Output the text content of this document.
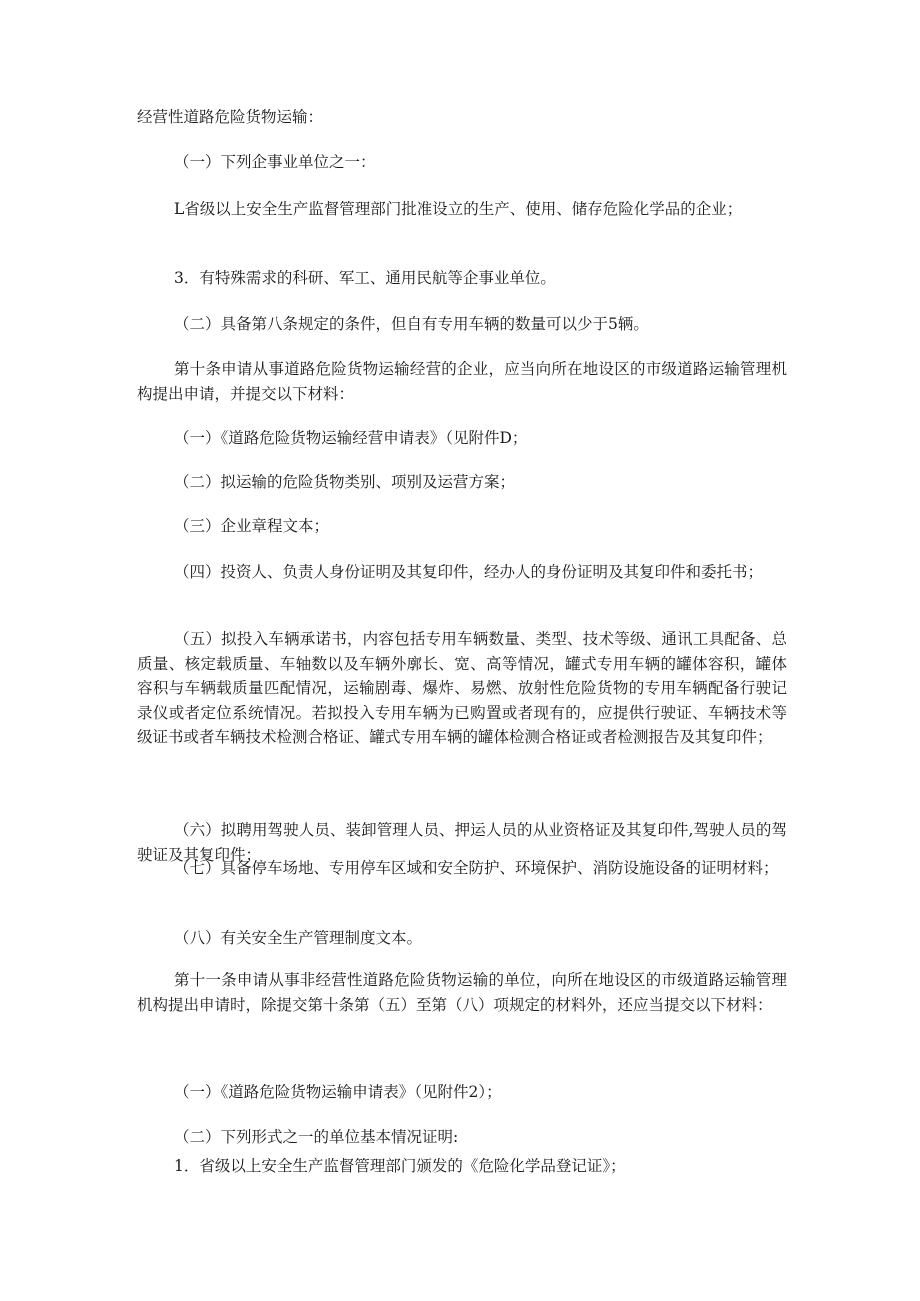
经营性道路危险货物运输：

（一）下列企事业单位之一：

L省级以上安全生产监督管理部门批准设立的生产、使用、储存危险化学品的企业；

3．有特殊需求的科研、军工、通用民航等企事业单位。

（二）具备第八条规定的条件，但自有专用车辆的数量可以少于5辆。

第十条申请从事道路危险货物运输经营的企业，应当向所在地设区的市级道路运输管理机构提出申请，并提交以下材料：

（一）《道路危险货物运输经营申请表》（见附件D；

（二）拟运输的危险货物类别、项别及运营方案；

（三）企业章程文本；

（四）投资人、负责人身份证明及其复印件，经办人的身份证明及其复印件和委托书；

（五）拟投入车辆承诺书，内容包括专用车辆数量、类型、技术等级、通讯工具配备、总质量、核定载质量、车轴数以及车辆外廓长、宽、高等情况，罐式专用车辆的罐体容积，罐体容积与车辆载质量匹配情况，运输剧毒、爆炸、易燃、放射性危险货物的专用车辆配备行驶记录仪或者定位系统情况。若拟投入专用车辆为已购置或者现有的，应提供行驶证、车辆技术等级证书或者车辆技术检测合格证、罐式专用车辆的罐体检测合格证或者检测报告及其复印件；

（六）拟聘用驾驶人员、装卸管理人员、押运人员的从业资格证及其复印件,驾驶人员的驾驶证及其复印件；

（七）具备停车场地、专用停车区域和安全防护、环境保护、消防设施设备的证明材料；

（八）有关安全生产管理制度文本。

第十一条申请从事非经营性道路危险货物运输的单位，向所在地设区的市级道路运输管理机构提出申请时，除提交第十条第（五）至第（八）项规定的材料外，还应当提交以下材料：

（一）《道路危险货物运输申请表》（见附件2）；

（二）下列形式之一的单位基本情况证明:

1．省级以上安全生产监督管理部门颁发的《危险化学品登记证》；
